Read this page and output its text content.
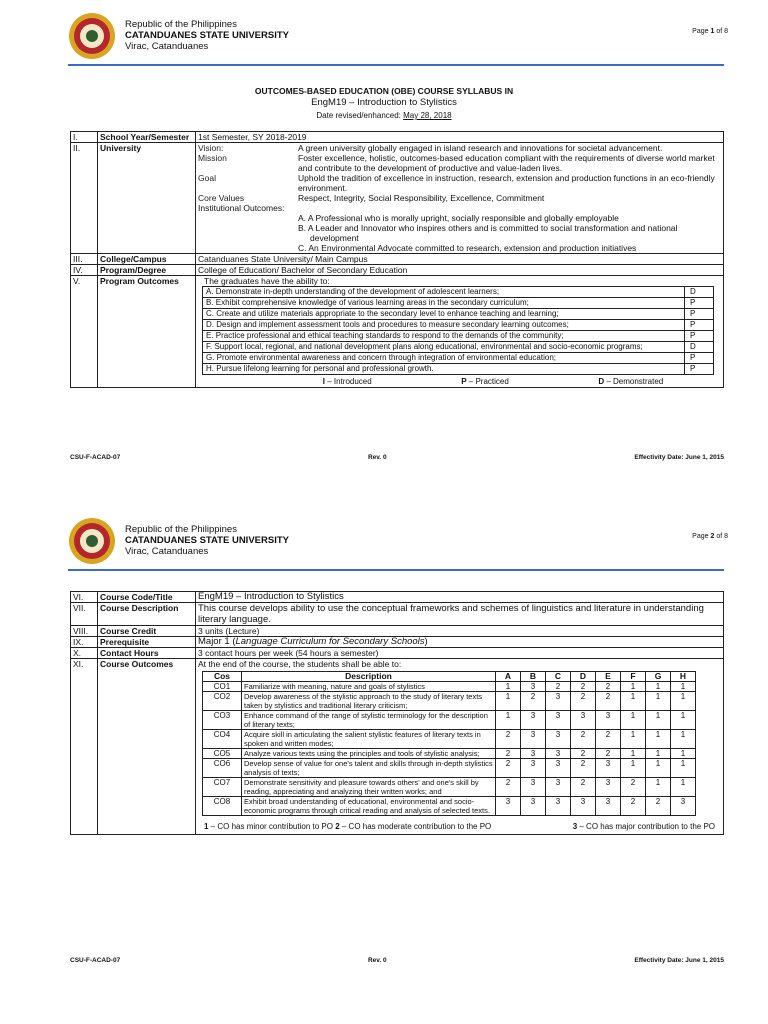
Republic of the Philippines
CATANDUANES STATE UNIVERSITY
Virac, Catanduanes
Page 1 of 8
OUTCOMES-BASED EDUCATION (OBE) COURSE SYLLABUS IN
EngM19 – Introduction to Stylistics
Date revised/enhanced: May 28, 2018
I.	School Year/Semester	1st Semester, SY 2018-2019
II.	University	Vision:	A green university globally engaged in island research and innovations for societal advancement.
Mission	Foster excellence, holistic, outcomes-based education compliant with the requirements of diverse world market and contribute to the development of productive and value-laden lives.
Goal	Uphold the tradition of excellence in instruction, research, extension and production functions in an eco-friendly environment.
Core Values	Respect, Integrity, Social Responsibility, Excellence, Commitment
Institutional Outcomes:
A. A Professional who is morally upright, socially responsible and globally employable
B. A Leader and Innovator who inspires others and is committed to social transformation and national development
C. An Environmental Advocate committed to research, extension and production initiatives

III.	College/Campus	Catanduanes State University/ Main Campus
IV.	Program/Degree	College of Education/ Bachelor of Secondary Education
V.	Program Outcomes	The graduates have the ability to:
A. Demonstrate in-depth understanding of the development of adolescent learners;	D
B. Exhibit comprehensive knowledge of various learning areas in the secondary curriculum;	P
C. Create and utilize materials appropriate to the secondary level to enhance teaching and learning;	P
D. Design and implement assessment tools and procedures to measure secondary learning outcomes;	P
E. Practice professional and ethical teaching standards to respond to the demands of the community;	P
F. Support local, regional, and national development plans along educational, environmental and socio-economic programs;	D
G. Promote environmental awareness and concern through integration of environmental education;	P
H. Pursue lifelong learning for personal and professional growth.	P
I – Introduced	P – Practiced	D – Demonstrated
CSU-F-ACAD-07	Rev. 0	Effectivity Date: June 1, 2015
Republic of the Philippines
CATANDUANES STATE UNIVERSITY
Virac, Catanduanes
Page 2 of 8
VI.	Course Code/Title	EngM19 – Introduction to Stylistics
VII.	Course Description	This course develops ability to use the conceptual frameworks and schemes of linguistics and literature in understanding literary language.
VIII.	Course Credit	3 units (Lecture)
IX.	Prerequisite	Major 1 (Language Curriculum for Secondary Schools)
X.	Contact Hours	3 contact hours per week (54 hours a semester)
XI.	Course Outcomes	At the end of the course, the students shall be able to:
Cos	Description	A	B	C	D	E	F	G	H
CO1	Familiarize with meaning, nature and goals of stylistics	1	3	2	2	2	1	1	1
CO2	Develop awareness of the stylistic approach to the study of literary texts taken by stylistics and traditional literary criticism;	1	2	3	2	2	1	1	1
CO3	Enhance command of the range of stylistic terminology for the description of literary texts;	1	3	3	3	3	1	1	1
CO4	Acquire skill in articulating the salient stylistic features of literary texts in spoken and written modes;	2	3	3	2	2	1	1	1
CO5	Analyze various texts using the principles and tools of stylistic analysis;	2	3	3	2	2	1	1	1
CO6	Develop sense of value for one's talent and skills through in-depth stylistics analysis of texts;	2	3	3	2	3	1	1	1
CO7	Demonstrate sensitivity and pleasure towards others' and one's skill by reading, appreciating and analyzing their written works; and	2	3	3	2	3	2	1	1
CO8	Exhibit broad understanding of educational, environmental and socio-economic programs through critical reading and analysis of selected texts.	3	3	3	3	3	2	2	3
1 – CO has minor contribution to PO 2 – CO has moderate contribution to the PO	3 – CO has major contribution to the PO
CSU-F-ACAD-07	Rev. 0	Effectivity Date: June 1, 2015
